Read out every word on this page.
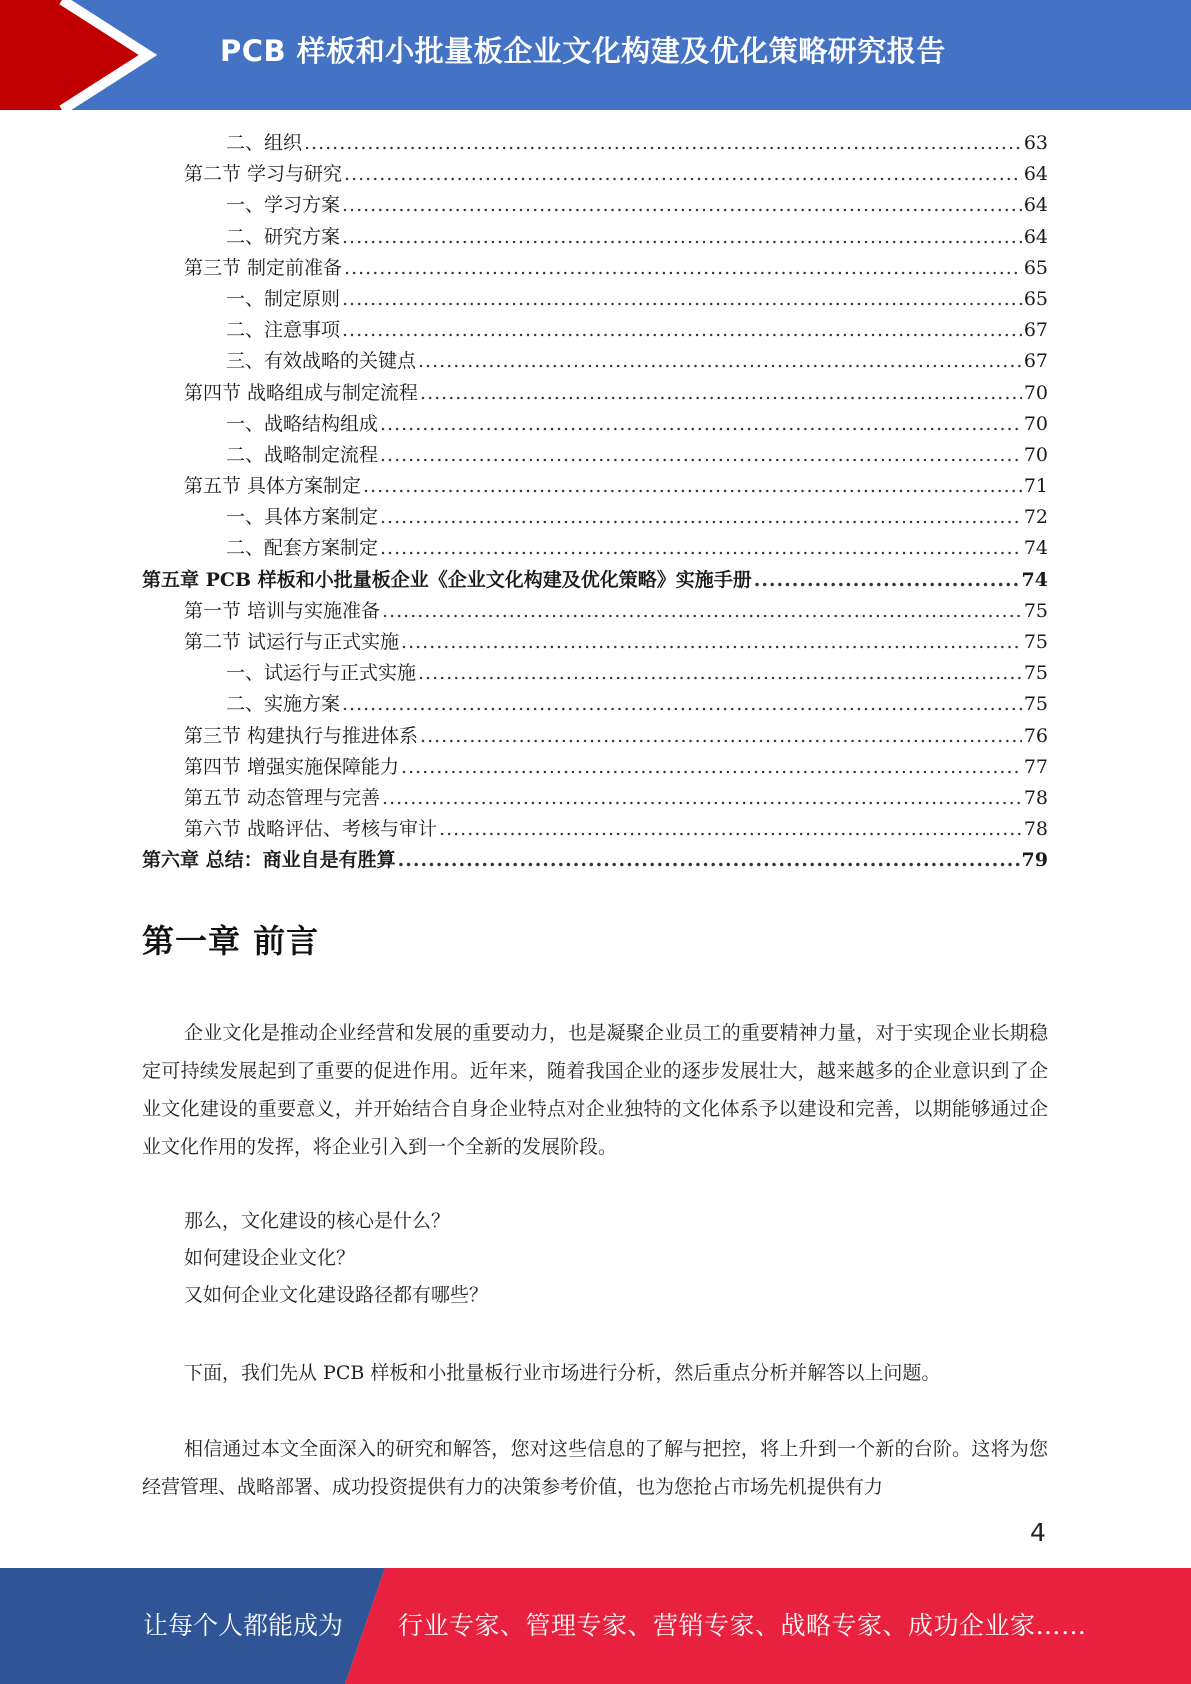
PCB 样板和小批量板企业文化构建及优化策略研究报告
二、组织 .....	63
第二节 学习与研究 .....	64
一、学习方案 .....	64
二、研究方案 .....	64
第三节 制定前准备 .....	65
一、制定原则 .....	65
二、注意事项 .....	67
三、有效战略的关键点 .....	67
第四节 战略组成与制定流程 .....	70
一、战略结构组成 .....	70
二、战略制定流程 .....	70
第五节 具体方案制定 .....	71
一、具体方案制定 .....	72
二、配套方案制定 .....	74
第五章 PCB 样板和小批量板企业《企业文化构建及优化策略》实施手册 .....	74
第一节 培训与实施准备 .....	75
第二节 试运行与正式实施 .....	75
一、试运行与正式实施 .....	75
二、实施方案 .....	75
第三节 构建执行与推进体系 .....	76
第四节 增强实施保障能力 .....	77
第五节 动态管理与完善 .....	78
第六节 战略评估、考核与审计 .....	78
第六章 总结：商业自是有胜算 .....	79
第一章 前言

企业文化是推动企业经营和发展的重要动力，也是凝聚企业员工的重要精神力量，对于实现企业长期稳定可持续发展起到了重要的促进作用。近年来，随着我国企业的逐步发展壮大，越来越多的企业意识到了企业文化建设的重要意义，并开始结合自身企业特点对企业独特的文化体系予以建设和完善，以期能够通过企业文化作用的发挥，将企业引入到一个全新的发展阶段。

那么，文化建设的核心是什么？
如何建设企业文化？
又如何企业文化建设路径都有哪些？

下面，我们先从 PCB 样板和小批量板行业市场进行分析，然后重点分析并解答以上问题。

相信通过本文全面深入的研究和解答，您对这些信息的了解与把控，将上升到一个新的台阶。这将为您经营管理、战略部署、成功投资提供有力的决策参考价值，也为您抢占市场先机提供有力

4
让每个人都能成为 行业专家、管理专家、营销专家、战略专家、成功企业家……
